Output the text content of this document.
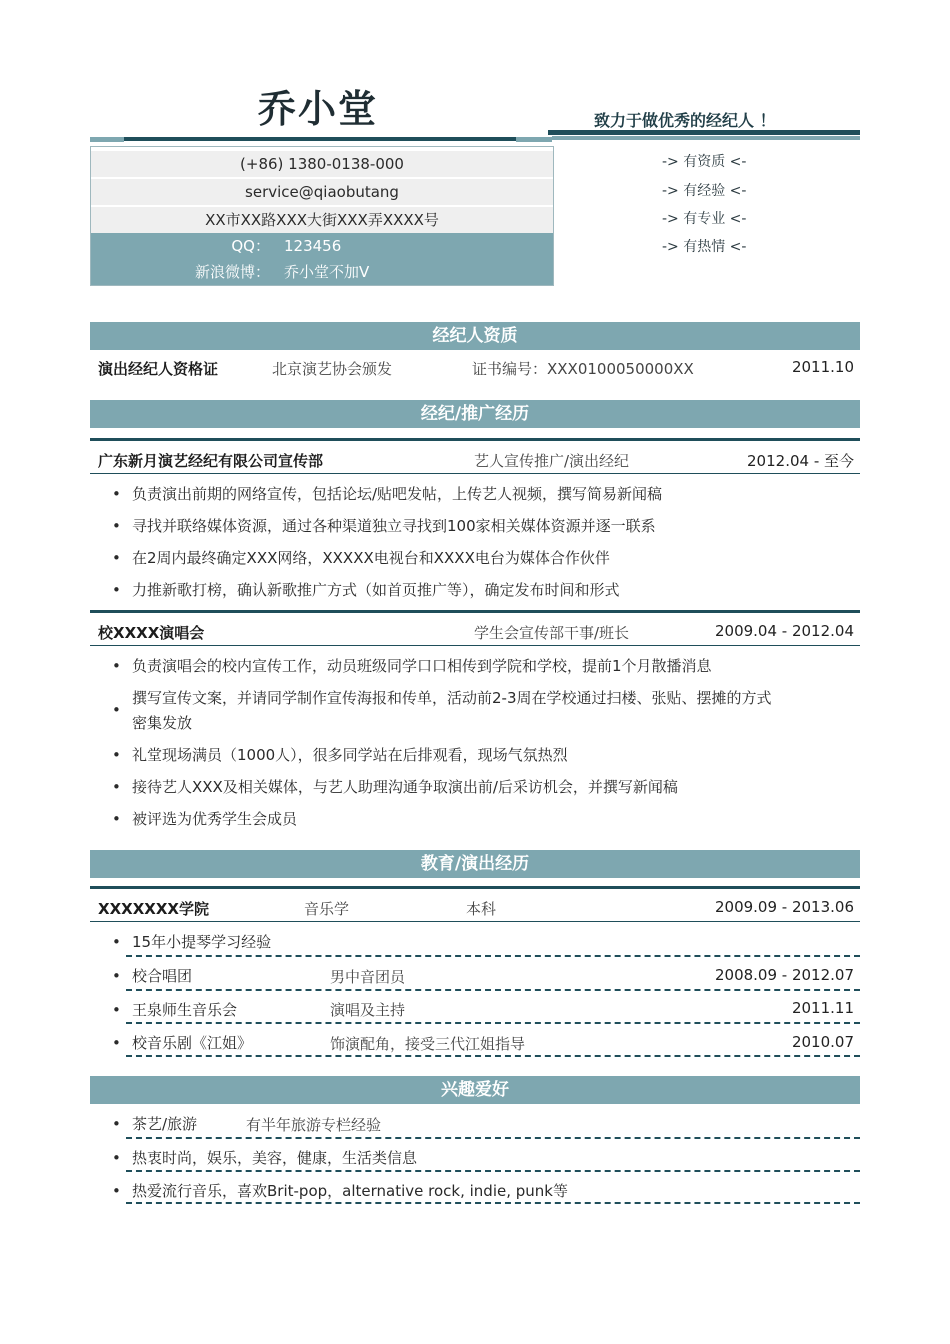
乔小堂	致力于做优秀的经纪人 ！
(+86) 1380-0138-000
service@qiaobutang
XX市XX路XXX大街XXX弄XXXX号
QQ： 123456
新浪微博： 乔小堂不加V
-> 有资质 <-
-> 有经验 <-
-> 有专业 <-
-> 有热情 <-
经纪人资质
演出经纪人资格证	北京演艺协会颁发	证书编号：XXX0100050000XX	2011.10
经纪/推广经历
广东新月演艺经纪有限公司宣传部	艺人宣传推广/演出经纪	2012.04 - 至今
• 负责演出前期的网络宣传，包括论坛/贴吧发帖，上传艺人视频，撰写简易新闻稿
• 寻找并联络媒体资源，通过各种渠道独立寻找到100家相关媒体资源并逐一联系
• 在2周内最终确定XXX网络，XXXXX电视台和XXXX电台为媒体合作伙伴
• 力推新歌打榜，确认新歌推广方式（如首页推广等），确定发布时间和形式
校XXXX演唱会	学生会宣传部干事/班长	2009.04 - 2012.04
• 负责演唱会的校内宣传工作，动员班级同学口口相传到学院和学校，提前1个月散播消息
•
撰写宣传文案，并请同学制作宣传海报和传单，活动前2-3周在学校通过扫楼、张贴、摆摊的方式
密集发放
• 礼堂现场满员（1000人），很多同学站在后排观看，现场气氛热烈
• 接待艺人XXX及相关媒体，与艺人助理沟通争取演出前/后采访机会，并撰写新闻稿
• 被评选为优秀学生会成员
教育/演出经历
XXXXXXX学院	音乐学	本科	2009.09 - 2013.06
• 15年小提琴学习经验
• 校合唱团	男中音团员	2008.09 - 2012.07
• 王泉师生音乐会	演唱及主持	2011.11
• 校音乐剧《江姐》	饰演配角，接受三代江姐指导	2010.07
兴趣爱好
• 茶艺/旅游	有半年旅游专栏经验
• 热衷时尚，娱乐，美容，健康，生活类信息
• 热爱流行音乐，喜欢Brit-pop，alternative rock, indie, punk等
